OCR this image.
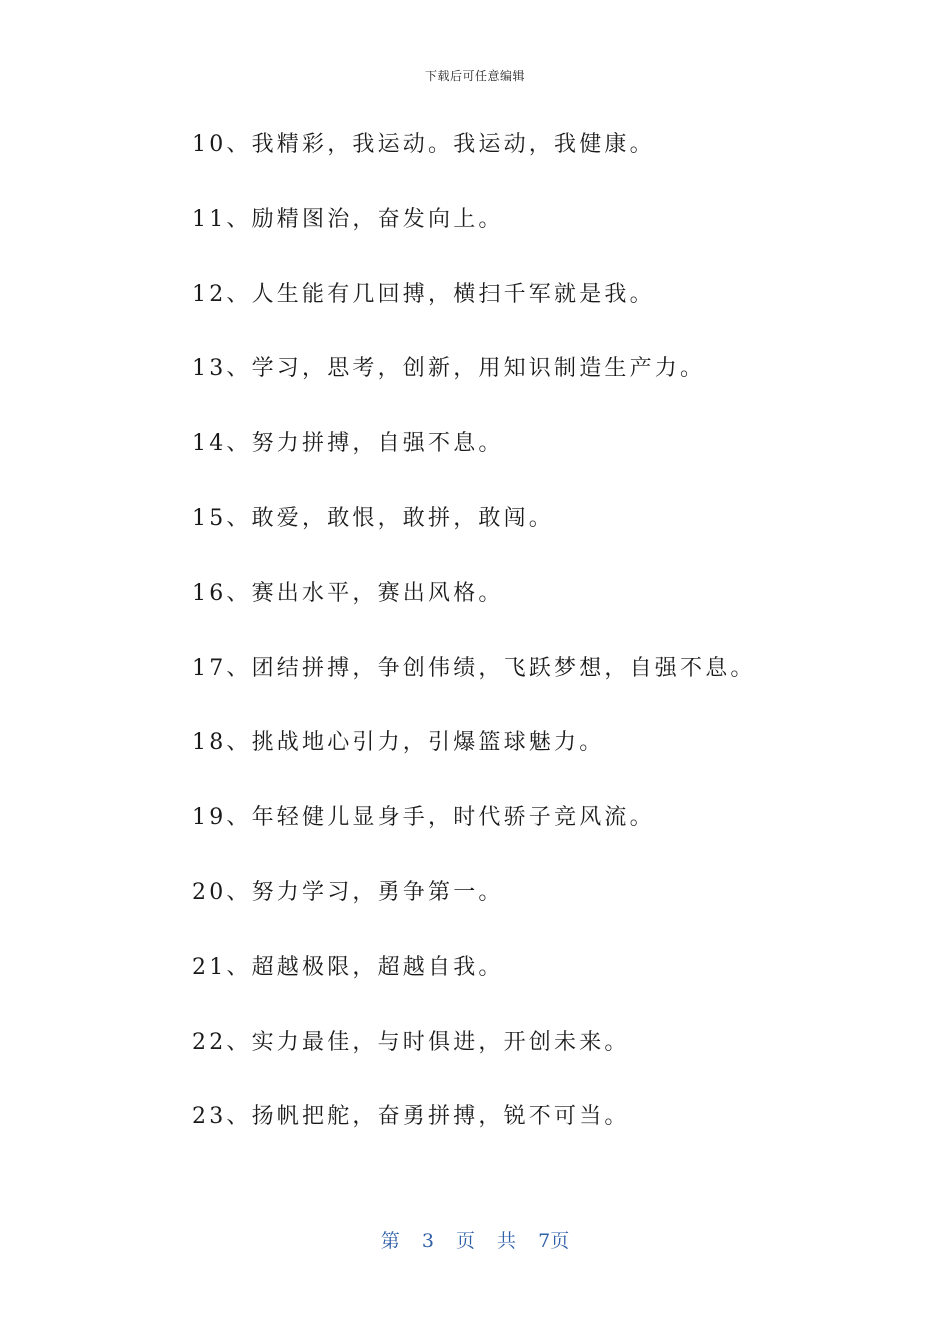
下载后可任意编辑
10、我精彩，我运动。我运动，我健康。
11、励精图治，奋发向上。
12、人生能有几回搏，横扫千军就是我。
13、学习，思考，创新，用知识制造生产力。
14、努力拼搏，自强不息。
15、敢爱，敢恨，敢拼，敢闯。
16、赛出水平，赛出风格。
17、团结拼搏，争创伟绩，飞跃梦想，自强不息。
18、挑战地心引力，引爆篮球魅力。
19、年轻健儿显身手，时代骄子竞风流。
20、努力学习，勇争第一。
21、超越极限，超越自我。
22、实力最佳，与时俱进，开创未来。
23、扬帆把舵，奋勇拼搏，锐不可当。
第 3 页 共 7页
